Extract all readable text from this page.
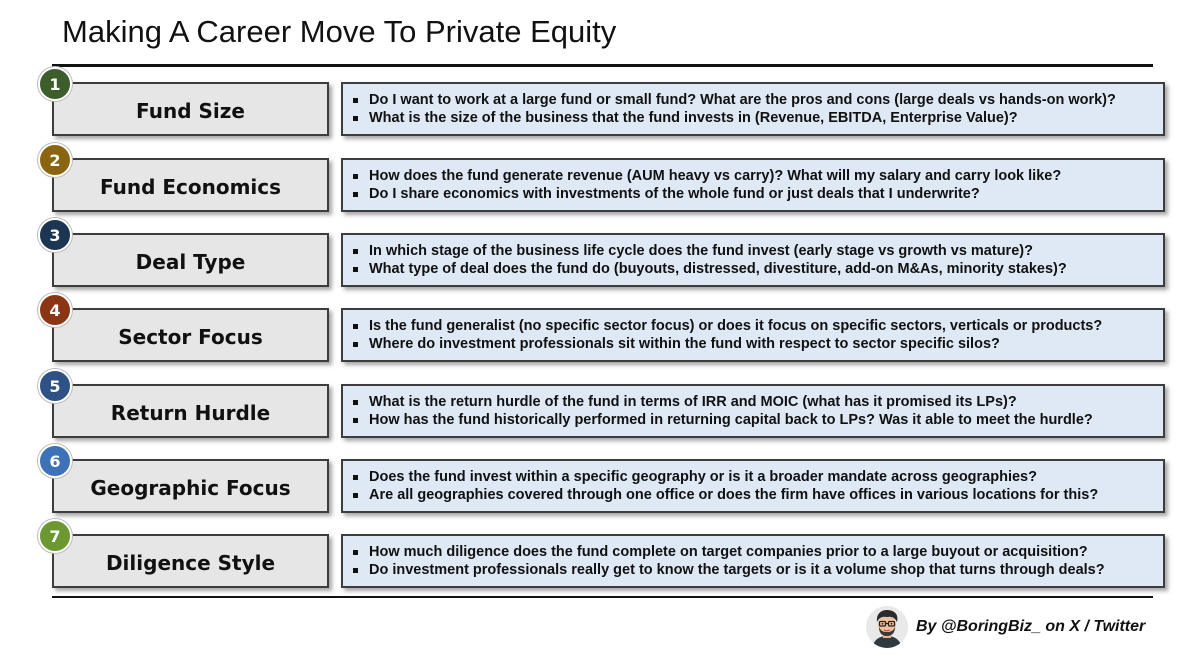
Making A Career Move To Private Equity
Fund Size
1
Do I want to work at a large fund or small fund? What are the pros and cons (large deals vs hands-on work)?
What is the size of the business that the fund invests in (Revenue, EBITDA, Enterprise Value)?
Fund Economics
2
How does the fund generate revenue (AUM heavy vs carry)? What will my salary and carry look like?
Do I share economics with investments of the whole fund or just deals that I underwrite?
Deal Type
3
In which stage of the business life cycle does the fund invest (early stage vs growth vs mature)?
What type of deal does the fund do (buyouts, distressed, divestiture, add-on M&As, minority stakes)?
Sector Focus
4
Is the fund generalist (no specific sector focus) or does it focus on specific sectors, verticals or products?
Where do investment professionals sit within the fund with respect to sector specific silos?
Return Hurdle
5
What is the return hurdle of the fund in terms of IRR and MOIC (what has it promised its LPs)?
How has the fund historically performed in returning capital back to LPs? Was it able to meet the hurdle?
Geographic Focus
6
Does the fund invest within a specific geography or is it a broader mandate across geographies?
Are all geographies covered through one office or does the firm have offices in various locations for this?
Diligence Style
7
How much diligence does the fund complete on target companies prior to a large buyout or acquisition?
Do investment professionals really get to know the targets or is it a volume shop that turns through deals?
By @BoringBiz_ on X / Twitter
